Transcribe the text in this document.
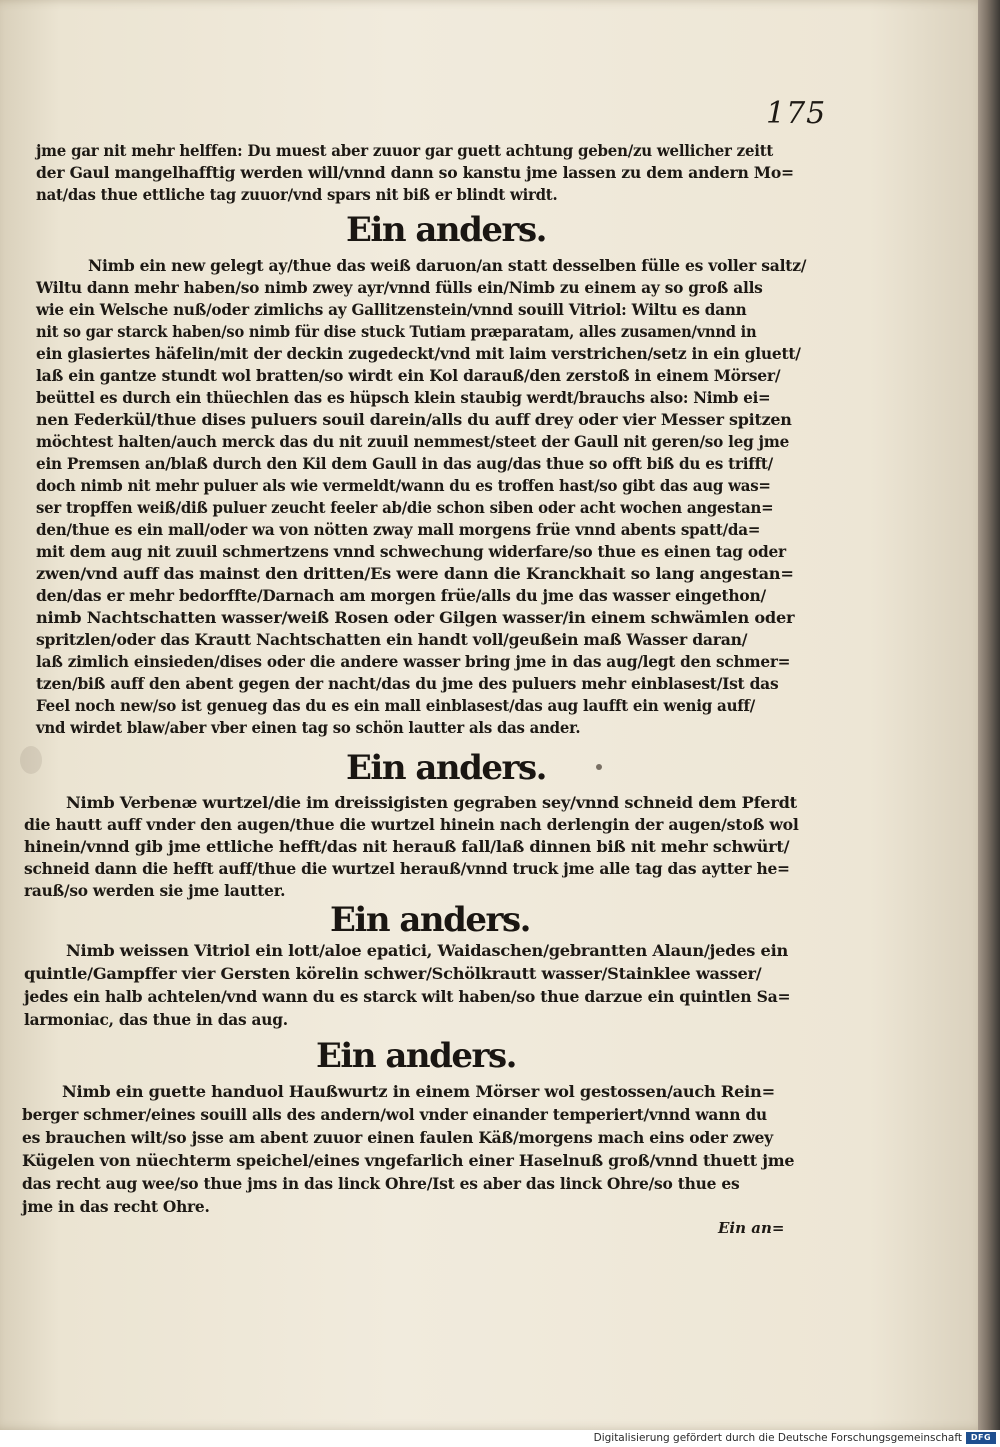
175
jme gar nit mehr helffen: Du muest aber zuuor gar guett achtung geben/zu wellicher zeitt
der Gaul mangelhafftig werden will/vnnd dann so kanstu jme lassen zu dem andern Mo=
nat/das thue ettliche tag zuuor/vnd spars nit biß er blindt wirdt.
Ein anders.
Nimb ein new gelegt ay/thue das weiß daruon/an statt desselben fülle es voller saltz/
Wiltu dann mehr haben/so nimb zwey ayr/vnnd fülls ein/Nimb zu einem ay so groß alls
wie ein Welsche nuß/oder zimlichs ay Gallitzenstein/vnnd souill Vitriol: Wiltu es dann
nit so gar starck haben/so nimb für dise stuck Tutiam præparatam, alles zusamen/vnnd in
ein glasiertes häfelin/mit der deckin zugedeckt/vnd mit laim verstrichen/setz in ein gluett/
laß ein gantze stundt wol bratten/so wirdt ein Kol darauß/den zerstoß in einem Mörser/
beüttel es durch ein thüechlen das es hüpsch klein staubig werdt/brauchs also: Nimb ei=
nen Federkül/thue dises puluers souil darein/alls du auff drey oder vier Messer spitzen
möchtest halten/auch merck das du nit zuuil nemmest/steet der Gaull nit geren/so leg jme
ein Premsen an/blaß durch den Kil dem Gaull in das aug/das thue so offt biß du es trifft/
doch nimb nit mehr puluer als wie vermeldt/wann du es troffen hast/so gibt das aug was=
ser tropffen weiß/diß puluer zeucht feeler ab/die schon siben oder acht wochen angestan=
den/thue es ein mall/oder wa von nötten zway mall morgens früe vnnd abents spatt/da=
mit dem aug nit zuuil schmertzens vnnd schwechung widerfare/so thue es einen tag oder
zwen/vnd auff das mainst den dritten/Es were dann die Kranckhait so lang angestan=
den/das er mehr bedorffte/Darnach am morgen früe/alls du jme das wasser eingethon/
nimb Nachtschatten wasser/weiß Rosen oder Gilgen wasser/in einem schwämlen oder
spritzlen/oder das Krautt Nachtschatten ein handt voll/geußein maß Wasser daran/
laß zimlich einsieden/dises oder die andere wasser bring jme in das aug/legt den schmer=
tzen/biß auff den abent gegen der nacht/das du jme des puluers mehr einblasest/Ist das
Feel noch new/so ist genueg das du es ein mall einblasest/das aug laufft ein wenig auff/
vnd wirdet blaw/aber vber einen tag so schön lautter als das ander.
Ein anders.
Nimb Verbenæ wurtzel/die im dreissigisten gegraben sey/vnnd schneid dem Pferdt
die hautt auff vnder den augen/thue die wurtzel hinein nach derlengin der augen/stoß wol
hinein/vnnd gib jme ettliche hefft/das nit herauß fall/laß dinnen biß nit mehr schwürt/
schneid dann die hefft auff/thue die wurtzel herauß/vnnd truck jme alle tag das aytter he=
rauß/so werden sie jme lautter.
Ein anders.
Nimb weissen Vitriol ein lott/aloe epatici, Waidaschen/gebrantten Alaun/jedes ein
quintle/Gampffer vier Gersten körelin schwer/Schölkrautt wasser/Stainklee wasser/
jedes ein halb achtelen/vnd wann du es starck wilt haben/so thue darzue ein quintlen Sa=
larmoniac, das thue in das aug.
Ein anders.
Nimb ein guette handuol Haußwurtz in einem Mörser wol gestossen/auch Rein=
berger schmer/eines souill alls des andern/wol vnder einander temperiert/vnnd wann du
es brauchen wilt/so jsse am abent zuuor einen faulen Käß/morgens mach eins oder zwey
Kügelen von nüechterm speichel/eines vngefarlich einer Haselnuß groß/vnnd thuett jme
das recht aug wee/so thue jms in das linck Ohre/Ist es aber das linck Ohre/so thue es
jme in das recht Ohre.
Ein an=
Digitalisierung gefördert durch die Deutsche Forschungsgemeinschaft	DFG
